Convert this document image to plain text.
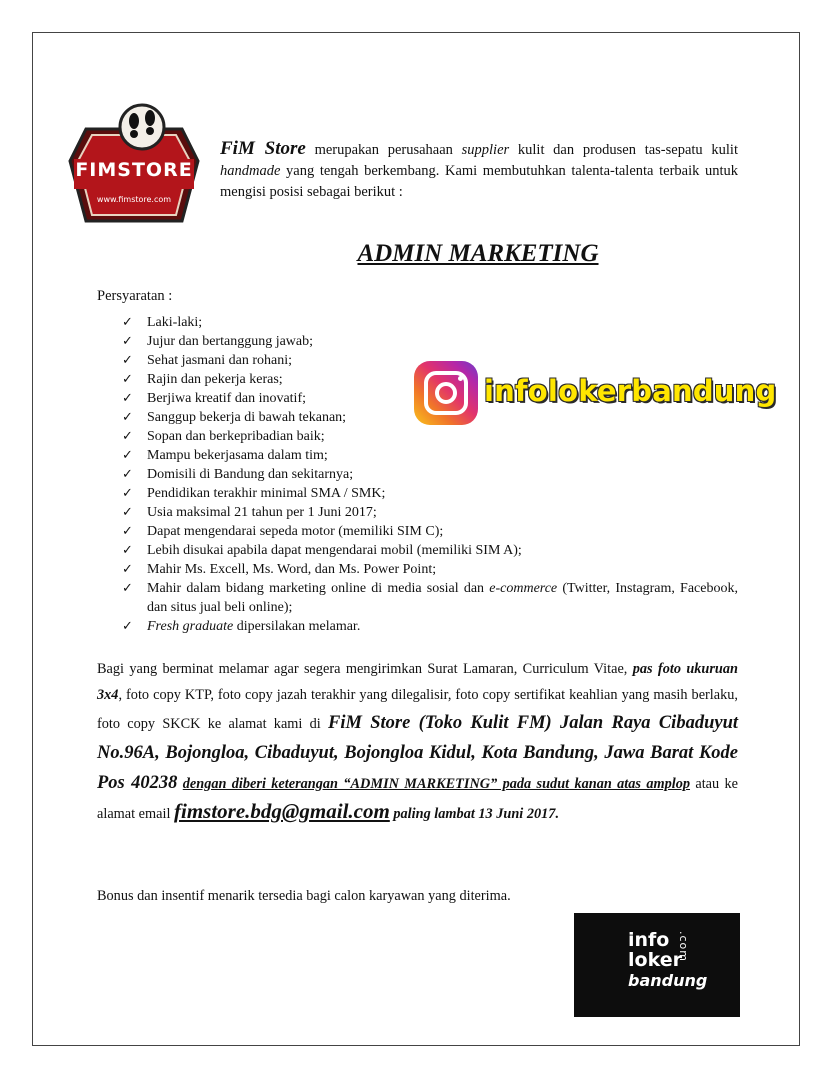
FIMSTORE
www.fimstore.com
FiM Store merupakan perusahaan supplier kulit dan produsen tas-sepatu kulit handmade yang tengah berkembang. Kami membutuhkan talenta-talenta terbaik untuk mengisi posisi sebagai berikut :
ADMIN MARKETING
Persyaratan :
✓ Laki-laki;
✓ Jujur dan bertanggung jawab;
✓ Sehat jasmani dan rohani;
✓ Rajin dan pekerja keras;
✓ Berjiwa kreatif dan inovatif;
✓ Sanggup bekerja di bawah tekanan;
✓ Sopan dan berkepribadian baik;
✓ Mampu bekerjasama dalam tim;
✓ Domisili di Bandung dan sekitarnya;
✓ Pendidikan terakhir minimal SMA / SMK;
✓ Usia maksimal 21 tahun per 1 Juni 2017;
✓ Dapat mengendarai sepeda motor (memiliki SIM C);
✓ Lebih disukai apabila dapat mengendarai mobil (memiliki SIM A);
✓ Mahir Ms. Excell, Ms. Word, dan Ms. Power Point;
✓ Mahir dalam bidang marketing online di media sosial dan e-commerce (Twitter, Instagram, Facebook, dan situs jual beli online);
✓ Fresh graduate dipersilakan melamar.
infolokerbandung
Bagi yang berminat melamar agar segera mengirimkan Surat Lamaran, Curriculum Vitae, pas foto ukuruan 3x4, foto copy KTP, foto copy jazah terakhir yang dilegalisir, foto copy sertifikat keahlian yang masih berlaku, foto copy SKCK ke alamat kami di FiM Store (Toko Kulit FM) Jalan Raya Cibaduyut No.96A, Bojongloa, Cibaduyut, Bojongloa Kidul, Kota Bandung, Jawa Barat Kode Pos 40238 dengan diberi keterangan “ADMIN MARKETING” pada sudut kanan atas amplop atau ke alamat email fimstore.bdg@gmail.com paling lambat 13 Juni 2017.
Bonus dan insentif menarik tersedia bagi calon karyawan yang diterima.
info
loker
bandung
.com
